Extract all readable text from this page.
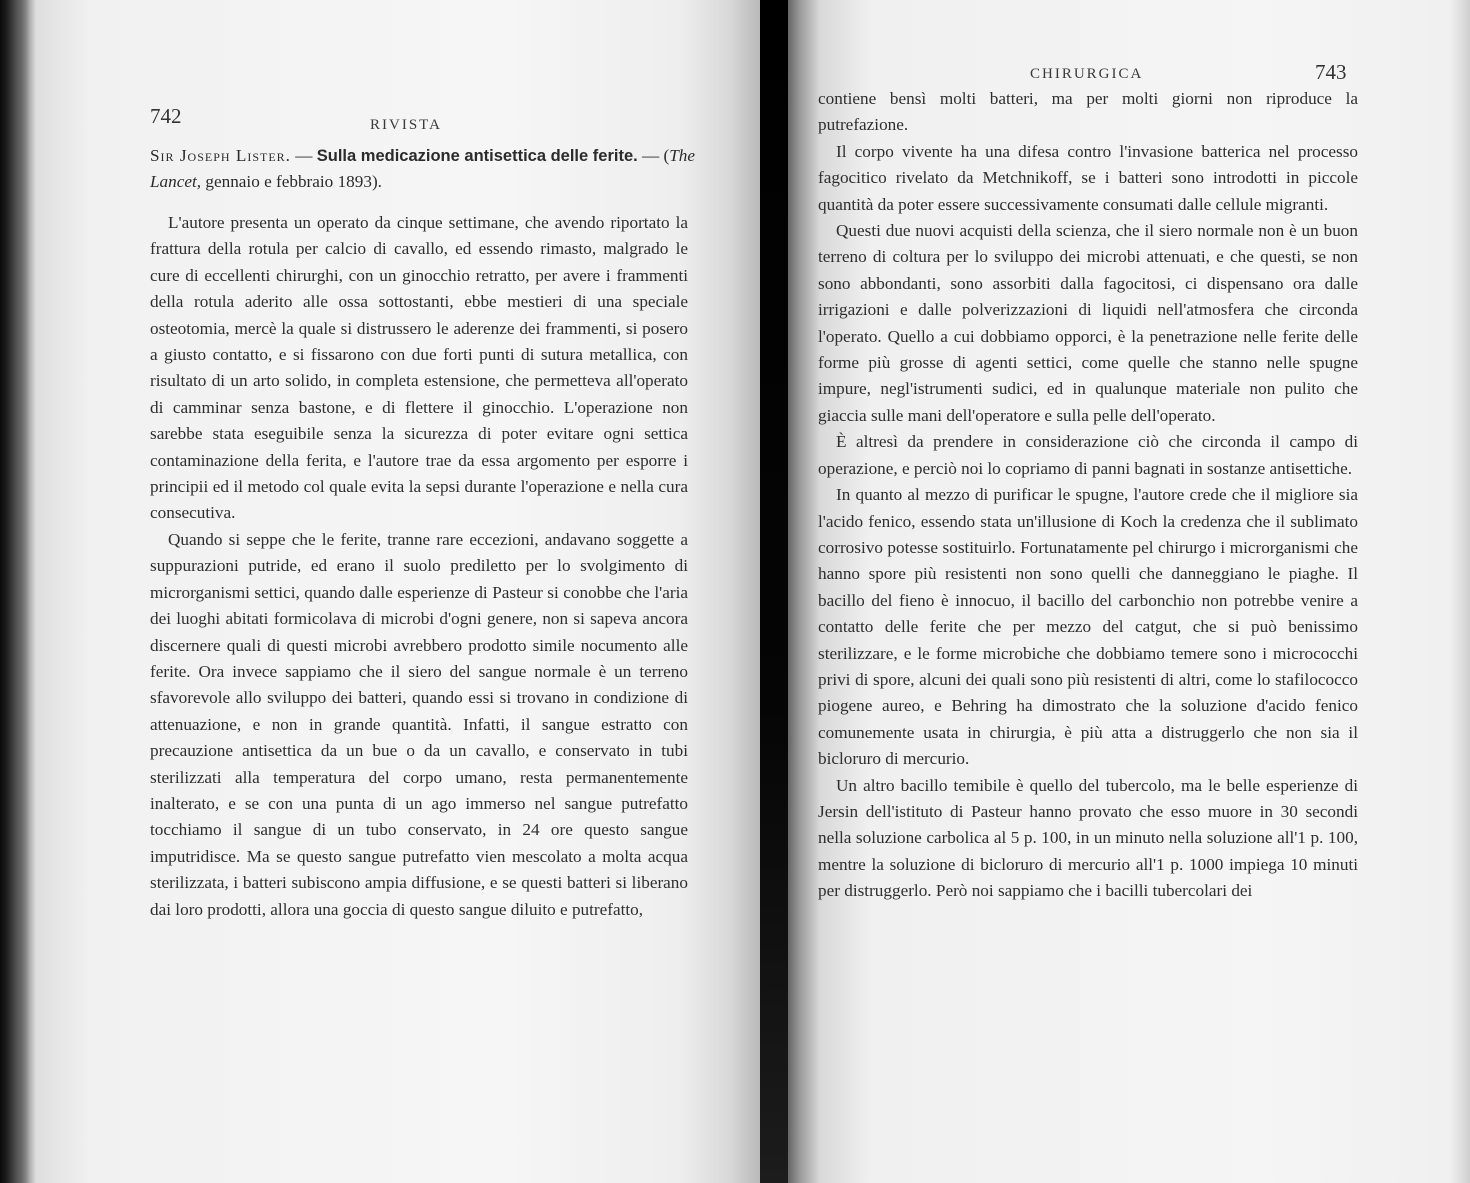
742	RIVISTA
Sir Joseph Lister. — Sulla medicazione antisettica delle ferite. — (The Lancet, gennaio e febbraio 1893).

L'autore presenta un operato da cinque settimane, che avendo riportato la frattura della rotula per calcio di cavallo, ed essendo rimasto, malgrado le cure di eccellenti chirurghi, con un ginocchio retratto, per avere i frammenti della rotula aderito alle ossa sottostanti, ebbe mestieri di una speciale osteotomia, mercè la quale si distrussero le aderenze dei frammenti, si posero a giusto contatto, e si fissarono con due forti punti di sutura metallica, con risultato di un arto solido, in completa estensione, che permetteva all'operato di camminar senza bastone, e di flettere il ginocchio. L'operazione non sarebbe stata eseguibile senza la sicurezza di poter evitare ogni settica contaminazione della ferita, e l'autore trae da essa argomento per esporre i principii ed il metodo col quale evita la sepsi durante l'operazione e nella cura consecutiva.

Quando si seppe che le ferite, tranne rare eccezioni, andavano soggette a suppurazioni putride, ed erano il suolo prediletto per lo svolgimento di microrganismi settici, quando dalle esperienze di Pasteur si conobbe che l'aria dei luoghi abitati formicolava di microbi d'ogni genere, non si sapeva ancora discernere quali di questi microbi avrebbero prodotto simile nocumento alle ferite. Ora invece sappiamo che il siero del sangue normale è un terreno sfavorevole allo sviluppo dei batteri, quando essi si trovano in condizione di attenuazione, e non in grande quantità. Infatti, il sangue estratto con precauzione antisettica da un bue o da un cavallo, e conservato in tubi sterilizzati alla temperatura del corpo umano, resta permanentemente inalterato, e se con una punta di un ago immerso nel sangue putrefatto tocchiamo il sangue di un tubo conservato, in 24 ore questo sangue imputridisce. Ma se questo sangue putrefatto vien mescolato a molta acqua sterilizzata, i batteri subiscono ampia diffusione, e se questi batteri si liberano dai loro prodotti, allora una goccia di questo sangue diluito e putrefatto,

CHIRURGICA	743

contiene bensì molti batteri, ma per molti giorni non riproduce la putrefazione.

Il corpo vivente ha una difesa contro l'invasione batterica nel processo fagocitico rivelato da Metchnikoff, se i batteri sono introdotti in piccole quantità da poter essere successivamente consumati dalle cellule migranti.

Questi due nuovi acquisti della scienza, che il siero normale non è un buon terreno di coltura per lo sviluppo dei microbi attenuati, e che questi, se non sono abbondanti, sono assorbiti dalla fagocitosi, ci dispensano ora dalle irrigazioni e dalle polverizzazioni di liquidi nell'atmosfera che circonda l'operato. Quello a cui dobbiamo opporci, è la penetrazione nelle ferite delle forme più grosse di agenti settici, come quelle che stanno nelle spugne impure, negl'istrumenti sudici, ed in qualunque materiale non pulito che giaccia sulle mani dell'operatore e sulla pelle dell'operato.

È altresì da prendere in considerazione ciò che circonda il campo di operazione, e perciò noi lo copriamo di panni bagnati in sostanze antisettiche.

In quanto al mezzo di purificar le spugne, l'autore crede che il migliore sia l'acido fenico, essendo stata un'illusione di Koch la credenza che il sublimato corrosivo potesse sostituirlo. Fortunatamente pel chirurgo i microrganismi che hanno spore più resistenti non sono quelli che danneggiano le piaghe. Il bacillo del fieno è innocuo, il bacillo del carbonchio non potrebbe venire a contatto delle ferite che per mezzo del catgut, che si può benissimo sterilizzare, e le forme microbiche che dobbiamo temere sono i micrococchi privi di spore, alcuni dei quali sono più resistenti di altri, come lo stafilococco piogene aureo, e Behring ha dimostrato che la soluzione d'acido fenico comunemente usata in chirurgia, è più atta a distruggerlo che non sia il bicloruro di mercurio.

Un altro bacillo temibile è quello del tubercolo, ma le belle esperienze di Jersin dell'istituto di Pasteur hanno provato che esso muore in 30 secondi nella soluzione carbolica al 5 p. 100, in un minuto nella soluzione all'1 p. 100, mentre la soluzione di bicloruro di mercurio all'1 p. 1000 impiega 10 minuti per distruggerlo. Però noi sappiamo che i bacilli tubercolari dei
